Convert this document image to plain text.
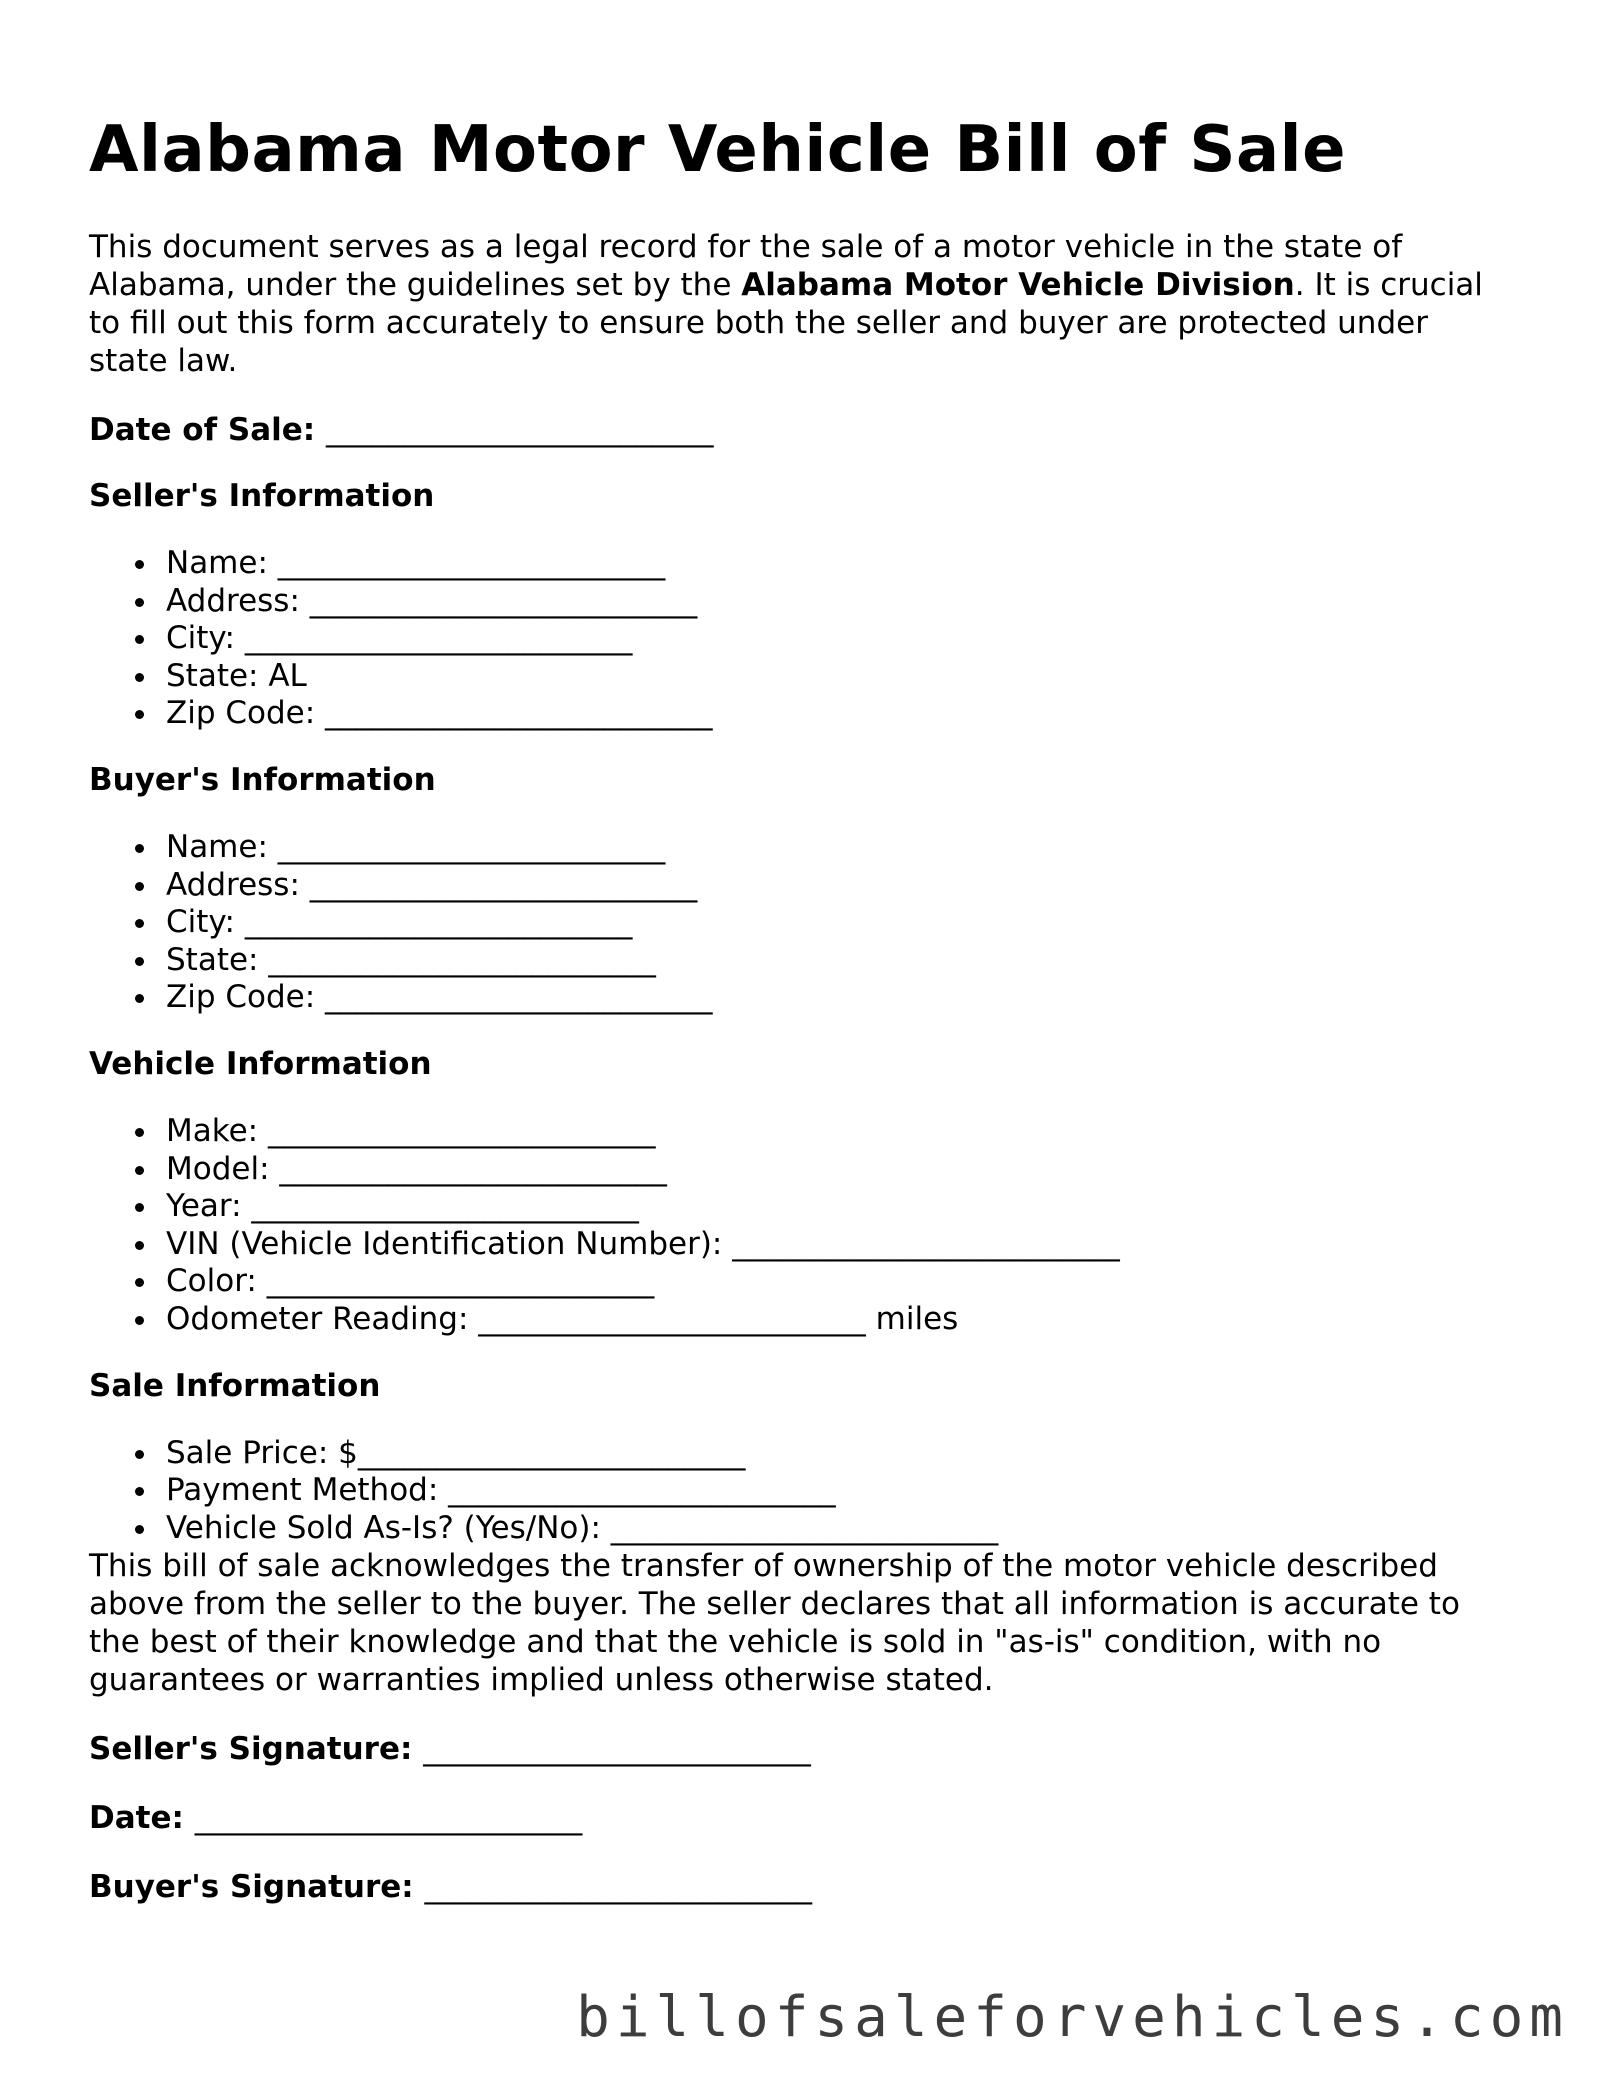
Alabama Motor Vehicle Bill of Sale

This document serves as a legal record for the sale of a motor vehicle in the state of Alabama, under the guidelines set by the Alabama Motor Vehicle Division. It is crucial to fill out this form accurately to ensure both the seller and buyer are protected under state law.

Date of Sale: _________________________

Seller's Information
Name: _________________________
Address: _________________________
City: _________________________
State: AL
Zip Code: _________________________
Buyer's Information
Name: _________________________
Address: _________________________
City: _________________________
State: _________________________
Zip Code: _________________________
Vehicle Information
Make: _________________________
Model: _________________________
Year: _________________________
VIN (Vehicle Identification Number): _________________________
Color: _________________________
Odometer Reading: _________________________ miles
Sale Information
Sale Price: $_________________________
Payment Method: _________________________
Vehicle Sold As-Is? (Yes/No): _________________________

This bill of sale acknowledges the transfer of ownership of the motor vehicle described above from the seller to the buyer. The seller declares that all information is accurate to the best of their knowledge and that the vehicle is sold in "as-is" condition, with no guarantees or warranties implied unless otherwise stated.

Seller's Signature: _________________________

Date: _________________________

Buyer's Signature: _________________________

billofsaleforvehicles.com
